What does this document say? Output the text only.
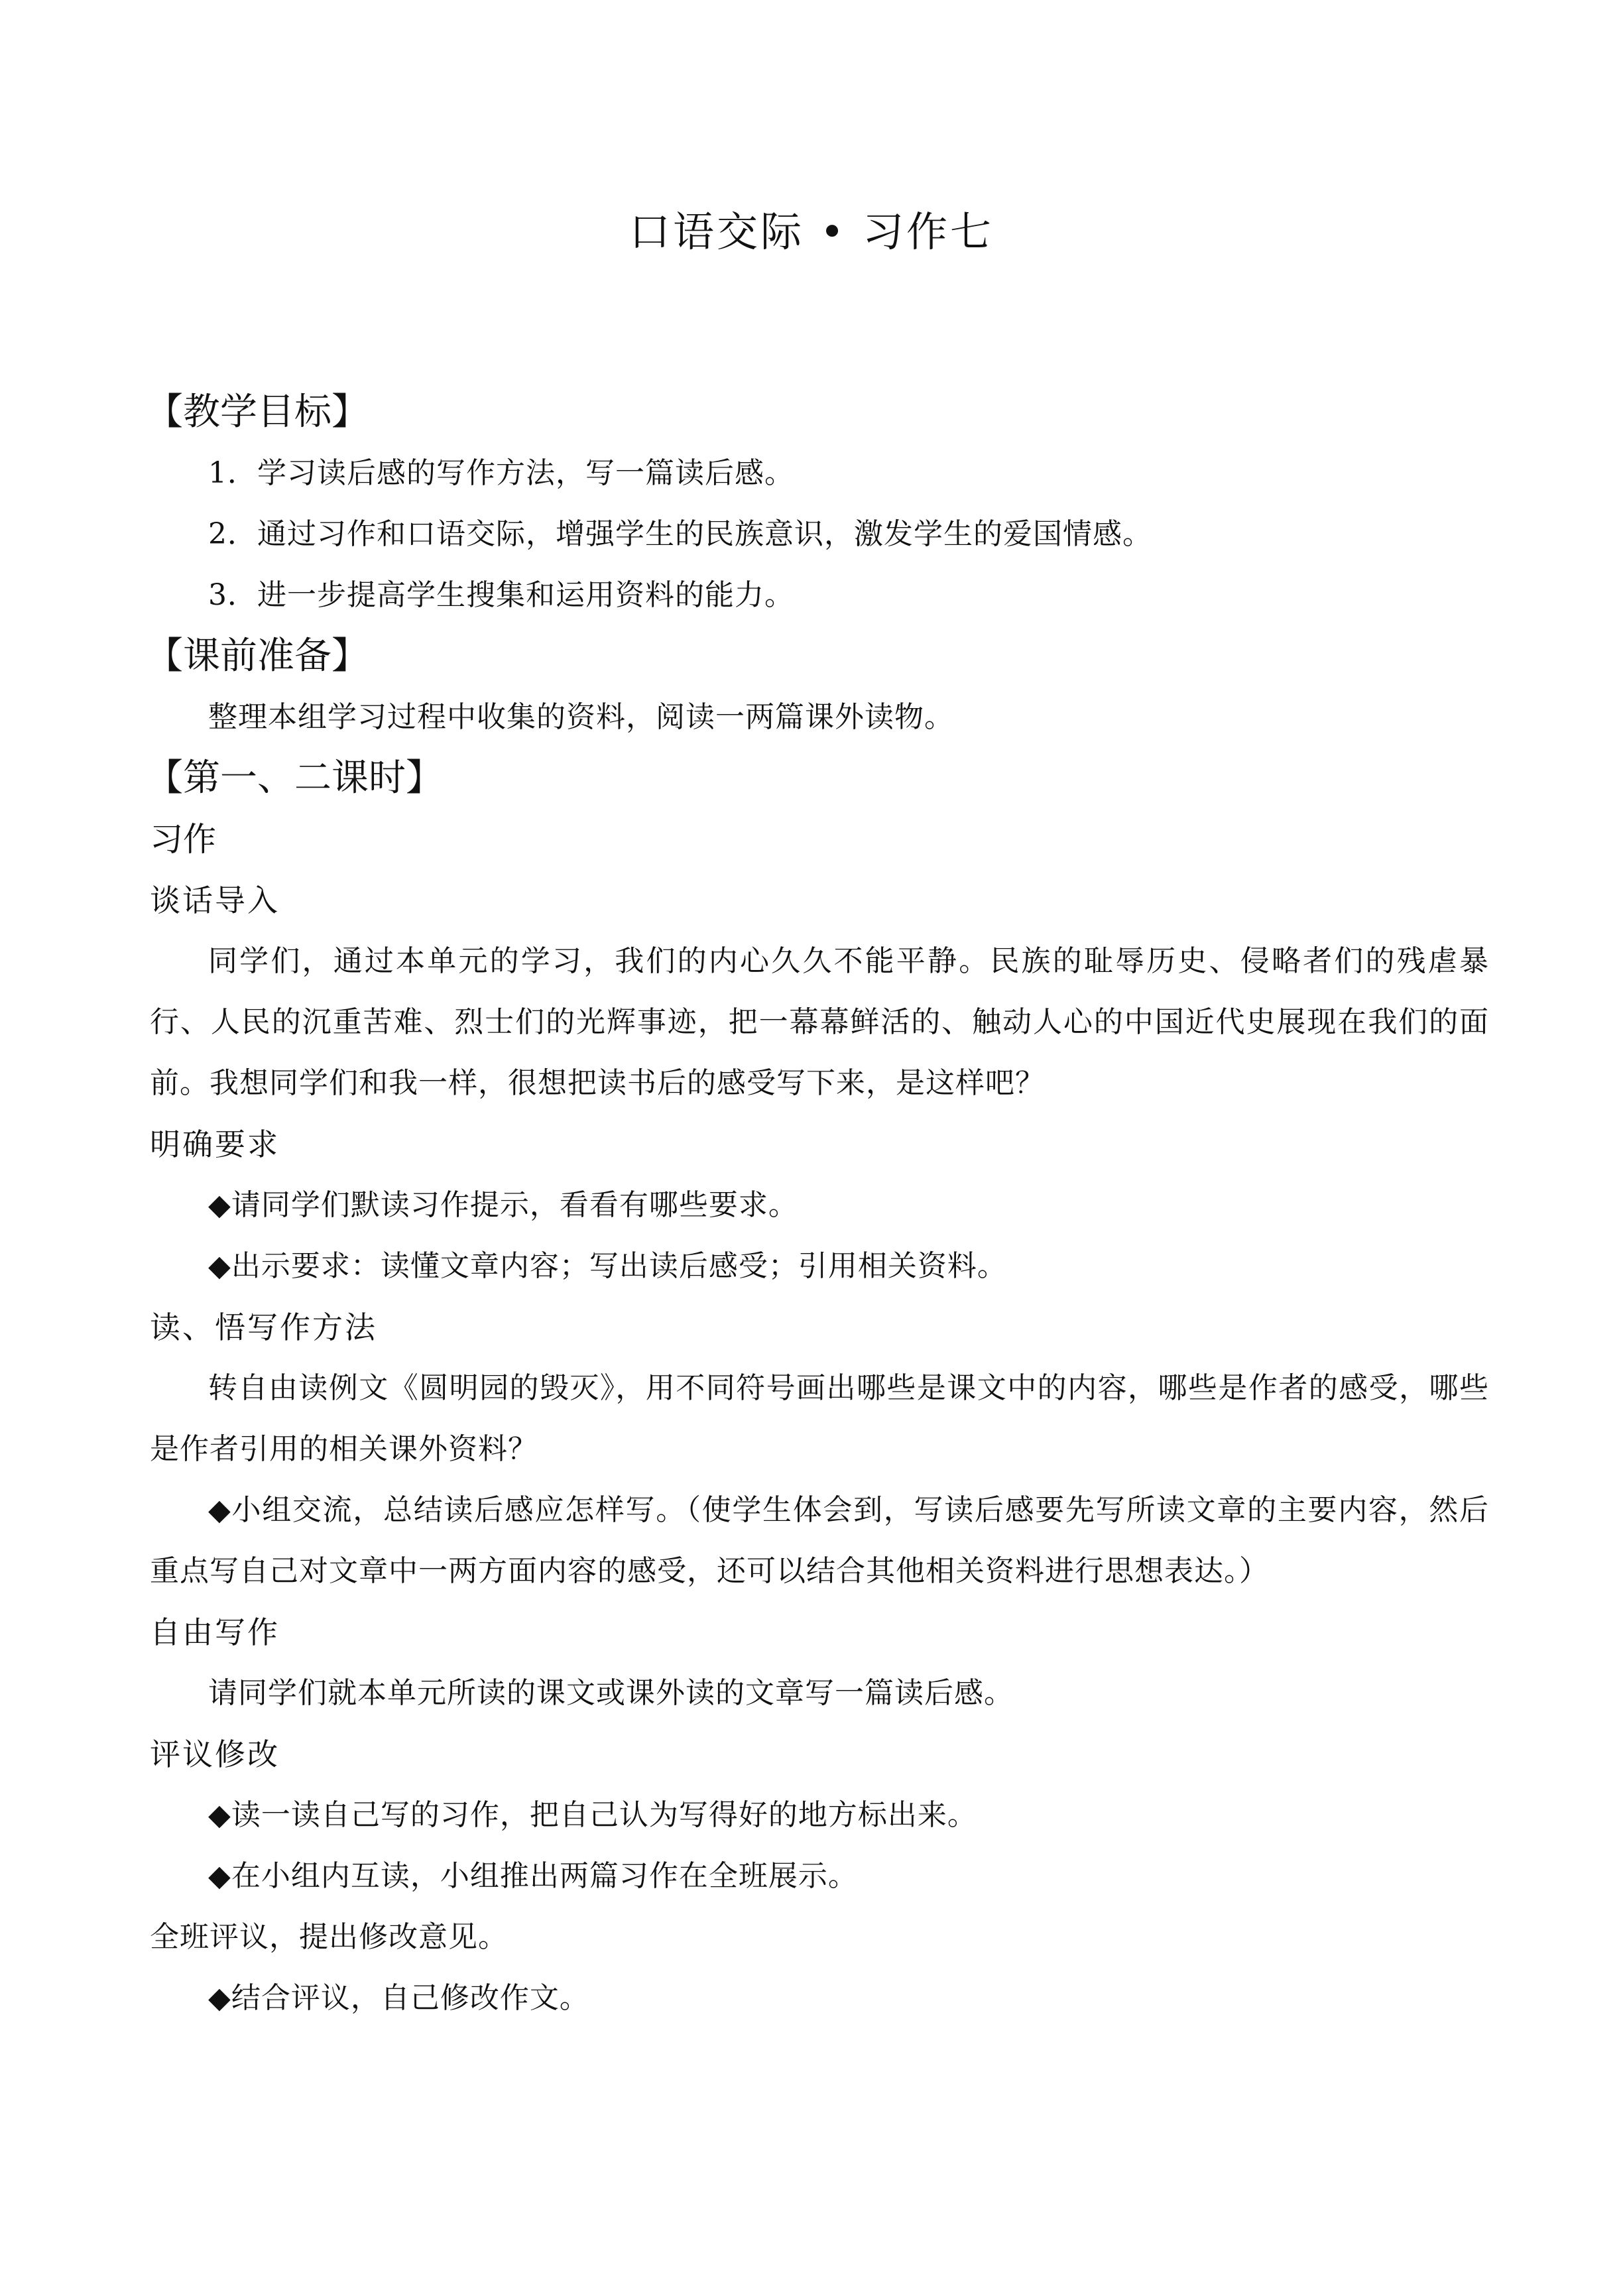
口语交际 • 习作七
【教学目标】
1．学习读后感的写作方法，写一篇读后感。
2．通过习作和口语交际，增强学生的民族意识，激发学生的爱国情感。
3．进一步提高学生搜集和运用资料的能力。
【课前准备】
整理本组学习过程中收集的资料，阅读一两篇课外读物。
【第一、二课时】
习作
谈话导入
同学们，通过本单元的学习，我们的内心久久不能平静。民族的耻辱历史、侵略者们的残虐暴行、人民的沉重苦难、烈士们的光辉事迹，把一幕幕鲜活的、触动人心的中国近代史展现在我们的面前。我想同学们和我一样，很想把读书后的感受写下来，是这样吧？
明确要求
◆请同学们默读习作提示，看看有哪些要求。
◆出示要求：读懂文章内容；写出读后感受；引用相关资料。
读、悟写作方法
转自由读例文《圆明园的毁灭》，用不同符号画出哪些是课文中的内容，哪些是作者的感受，哪些是作者引用的相关课外资料？
◆小组交流，总结读后感应怎样写。（使学生体会到，写读后感要先写所读文章的主要内容，然后重点写自己对文章中一两方面内容的感受，还可以结合其他相关资料进行思想表达。）
自由写作
请同学们就本单元所读的课文或课外读的文章写一篇读后感。
评议修改
◆读一读自己写的习作，把自己认为写得好的地方标出来。
◆在小组内互读，小组推出两篇习作在全班展示。
全班评议，提出修改意见。
◆结合评议，自己修改作文。
